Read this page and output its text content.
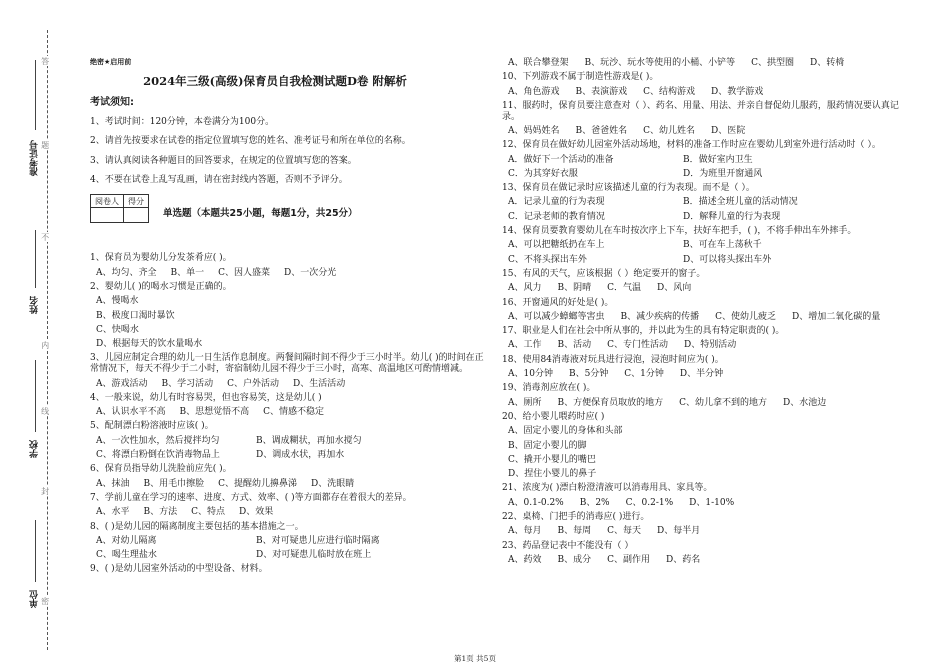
准考证号
姓名
学校
单位
答
题
不
内
线
封
密
绝密★启用前
2024年三级(高级)保育员自我检测试题D卷 附解析
考试须知:
1、考试时间：120分钟，本卷满分为100分。
2、请首先按要求在试卷的指定位置填写您的姓名、准考证号和所在单位的名称。
3、请认真阅读各种题目的回答要求，在规定的位置填写您的答案。
4、不要在试卷上乱写乱画，请在密封线内答题，否则不予评分。
阅卷人	得分

单选题（本题共25小题，每题1分，共25分）
1、保育员为婴幼儿分发茶肴应( )。
A、均匀、齐全 B、单一 C、因人盛菜 D、一次分光
2、婴幼儿( )的喝水习惯是正确的。
A、慢喝水
B、极度口渴时暴饮
C、快喝水
D、根据每天的饮水量喝水
3、儿园应制定合理的幼儿一日生活作息制度。两餐间隔时间不得少于三小时半。幼儿( )的时间在正常情况下，每天不得少于二小时，寄宿制幼儿园不得少于三小时，高寒、高温地区可酌情增减。
A、游戏活动 B、学习活动 C、户外活动 D、生活活动
4、一般来说，幼儿有时容易哭，但也容易笑，这是幼儿( )
A、认识水平不高 B、思想觉悟不高 C、情感不稳定
5、配制漂白粉溶液时应该( )。
A、一次性加水，然后搅拌均匀	B、调成糊状，再加水搅匀
C、将漂白粉倒在饮消毒物品上	D、调成水状，再加水
6、保育员指导幼儿洗脸前应先( )。
A、抹油 B、用毛巾擦脸 C、提醒幼儿擤鼻涕 D、洗眼睛
7、学前儿童在学习的速率、进度、方式、效率、( )等方面都存在着很大的差异。
A、水平 B、方法 C、特点 D、效果
8、( )是幼儿园的隔离制度主要包括的基本措施之一。
A、对幼儿隔离	B、对可疑患儿应进行临时隔离
C、喝生理盐水	D、对可疑患儿临时放在班上
9、( )是幼儿园室外活动的中型设备、材料。
A、联合攀登架 B、玩沙、玩水等使用的小桶、小铲等 C、拱型圈 D、转椅
10、下列游戏不属于制造性游戏是( )。
A、角色游戏 B、表演游戏 C、结构游戏 D、教学游戏
11、服药时，保育员要注意查对（ ）、药名、用量、用法、并亲自督促幼儿服药，服药情况要认真记录。
A、妈妈姓名 B、爸爸姓名 C、幼儿姓名 D、医院
12、保育员在做好幼儿园室外活动场地，材料的准备工作时应在婴幼儿到室外进行活动时（ ）。
A．做好下一个活动的准备	B．做好室内卫生
C．为其穿好衣服	D．为班里开窗通风
13、保育员在做记录时应该描述儿童的行为表现。而不是（ ）。
A．记录儿童的行为表现	B．描述全班儿童的活动情况
C．记录老师的教育情况	D．解释儿童的行为表现
14、保育员要教育婴幼儿在车时按次序上下车，扶好车把手，( )，不将手伸出车外摔手。
A、可以把糖纸扔在车上	B、可在车上荡秋千
C、不将头探出车外	D、可以将头探出车外
15、有风的天气，应该根据（ ）绝定要开的窗子。
A、风力 B、阴晴 C．气温 D、风向
16、开窗通风的好处是( )。
A、可以减少蟑螂等害虫 B、减少疾病的传播 C、使幼儿疲乏 D、增加二氧化碳的量
17、职业是人们在社会中所从事的，并以此为生的具有特定职责的( )。
A、工作 B、活动 C、专门性活动 D、特别活动
18、使用84消毒液对玩具进行浸泡，浸泡时间应为( )。
A、10分钟 B、5分钟 C、1分钟 D、半分钟
19、消毒剂应放在( )。
A、厕所 B、方便保育员取放的地方 C、幼儿拿不到的地方 D、水池边
20、给小婴儿喂药时应( )
A、固定小婴儿的身体和头部
B、固定小婴儿的脚
C、撬开小婴儿的嘴巴
D、捏住小婴儿的鼻子
21、浓度为( )漂白粉澄清液可以消毒用具、家具等。
A、0.1-0.2% B、2% C、0.2-1% D、1-10%
22、桌椅、门把手的消毒应( )进行。
A、每月 B、每周 C、每天 D、每半月
23、药品登记表中不能没有（ ）
A、药效 B、成分 C、副作用 D、药名
第1页 共5页
